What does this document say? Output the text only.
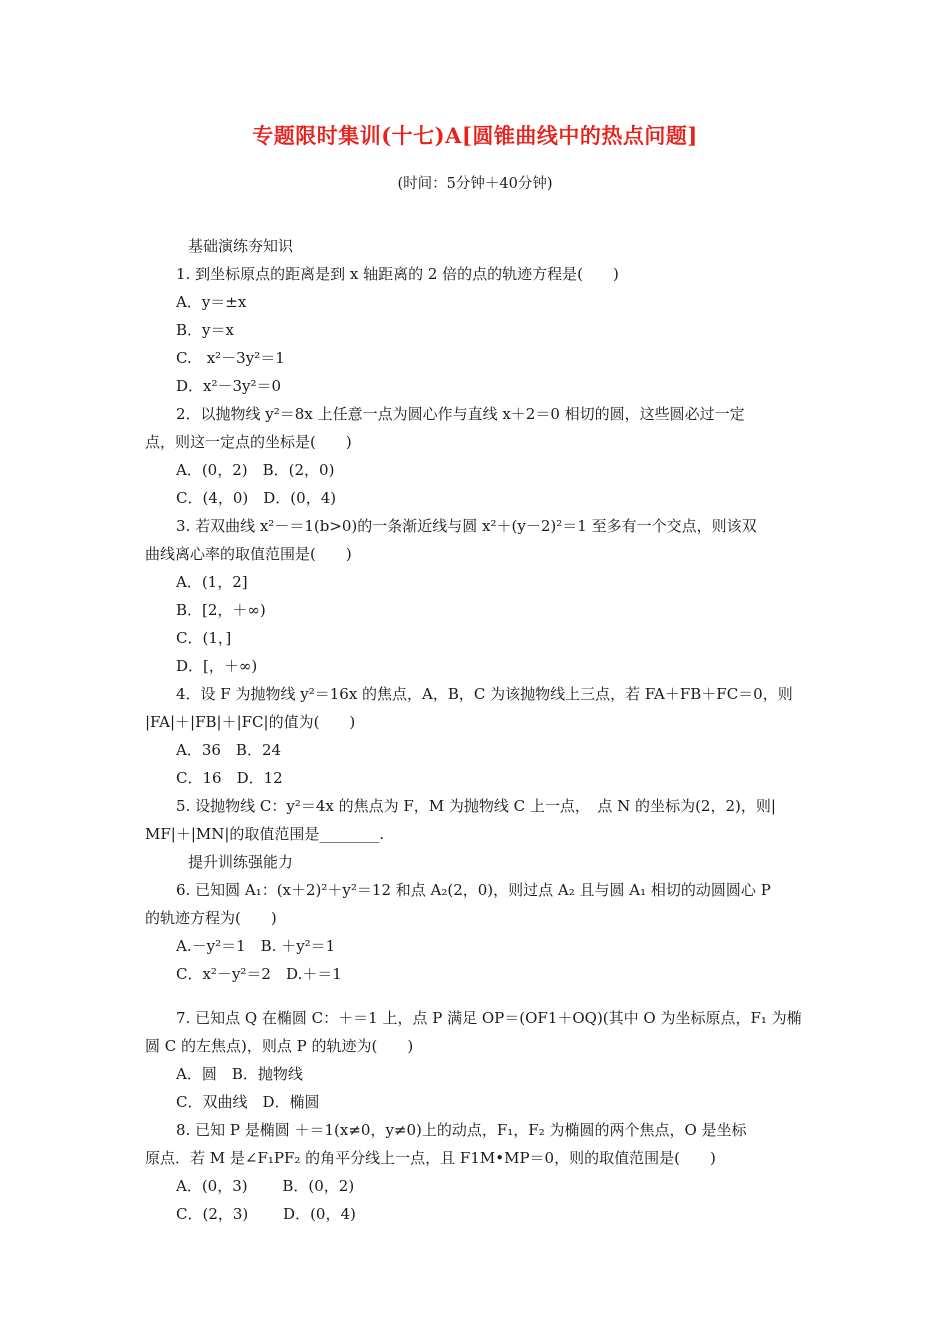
专题限时集训(十七)A[圆锥曲线中的热点问题]
(时间：5分钟＋40分钟)
基础演练夯知识
1. 到坐标原点的距离是到 x 轴距离的 2 倍的点的轨迹方程是(　　)
A．y＝±x
B．y＝x
C.　x²－3y²＝1
D．x²－3y²＝0
2．以抛物线 y²＝8x 上任意一点为圆心作与直线 x＋2＝0 相切的圆，这些圆必过一定
点，则这一定点的坐标是(　　)
A．(0，2)　B．(2，0)
C．(4，0)　D．(0，4)
3. 若双曲线 x²－＝1(b>0)的一条渐近线与圆 x²＋(y－2)²＝1 至多有一个交点，则该双
曲线离心率的取值范围是(　　)
A．(1，2]
B．[2，＋∞)
C．(1，]
D．[，＋∞)
4．设 F 为抛物线 y²＝16x 的焦点，A，B，C 为该抛物线上三点，若 FA＋FB＋FC＝0，则
|FA|＋|FB|＋|FC|的值为(　　)
A．36　B．24
C．16　D．12
5. 设抛物线 C：y²＝4x 的焦点为 F，M 为抛物线 C 上一点，　点 N 的坐标为(2，2)，则|
MF|＋|MN|的取值范围是________.
提升训练强能力
6. 已知圆 A₁：(x＋2)²＋y²＝12 和点 A₂(2，0)，则过点 A₂ 且与圆 A₁ 相切的动圆圆心 P
的轨迹方程为(　　)
A.－y²＝1　B. ＋y²＝1
C．x²－y²＝2　D.＋＝1
7. 已知点 Q 在椭圆 C：＋＝1 上，点 P 满足 OP＝(OF1＋OQ)(其中 O 为坐标原点，F₁ 为椭
圆 C 的左焦点)，则点 P 的轨迹为(　　)
A．圆　B．抛物线
C．双曲线　D．椭圆
8. 已知 P 是椭圆 ＋＝1(x≠0，y≠0)上的动点，F₁，F₂ 为椭圆的两个焦点，O 是坐标
原点．若 M 是∠F₁PF₂ 的角平分线上一点，且 F1M•MP＝0，则的取值范围是(　　)
A．(0，3)　　 B．(0，2)
C．(2，3)　　 D．(0，4)
